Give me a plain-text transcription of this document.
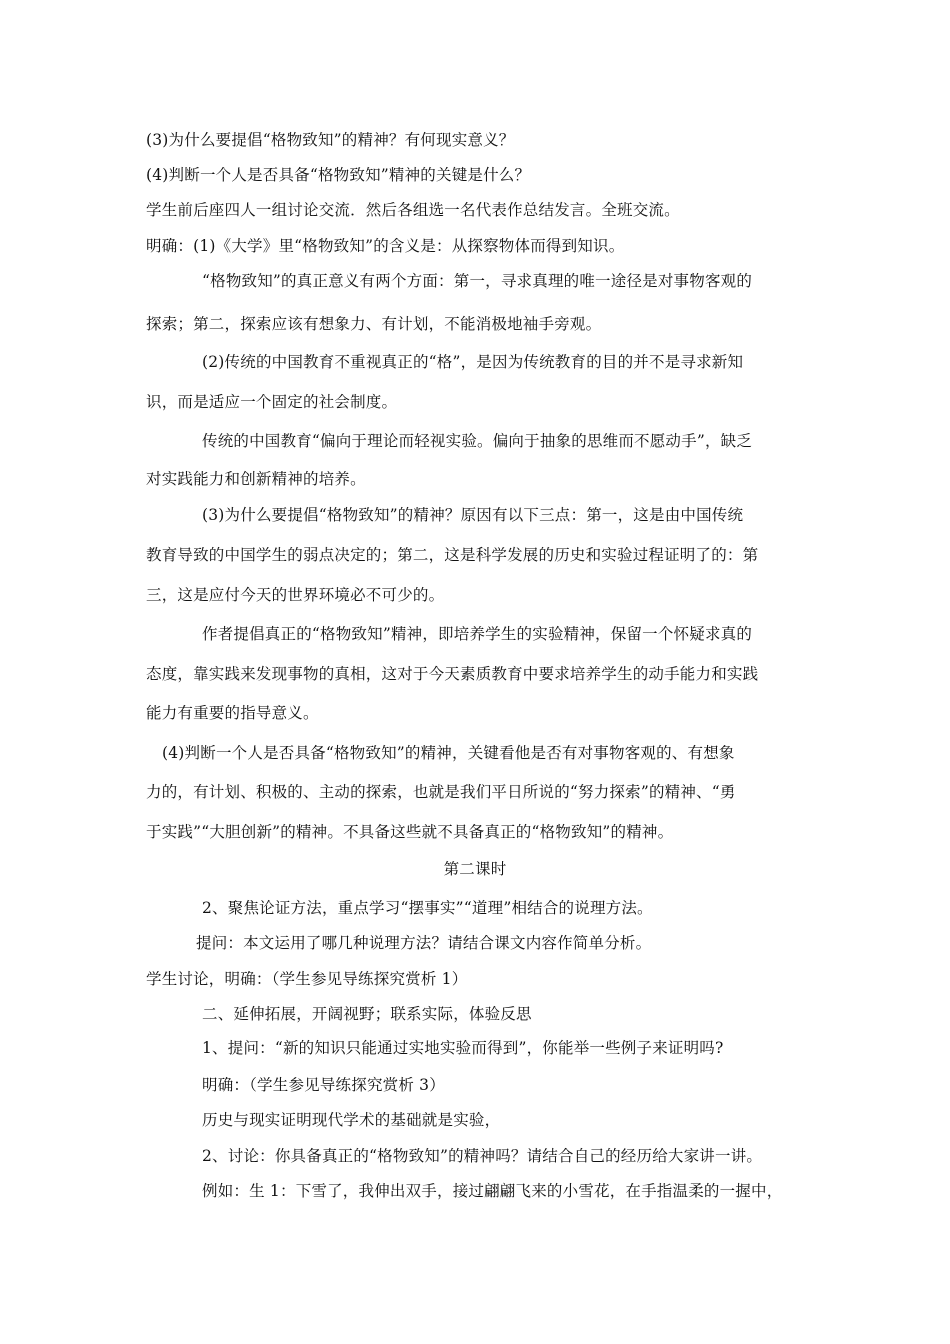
(3)为什么要提倡“格物致知”的精神？有何现实意义？
(4)判断一个人是否具备“格物致知”精神的关键是什么？
学生前后座四人一组讨论交流．然后各组选一名代表作总结发言。全班交流。
明确：(1)《大学》里“格物致知”的含义是：从探察物体而得到知识。
“格物致知”的真正意义有两个方面：第一，寻求真理的唯一途径是对事物客观的
探索；第二，探索应该有想象力、有计划，不能消极地袖手旁观。
(2)传统的中国教育不重视真正的“格”，是因为传统教育的目的并不是寻求新知
识，而是适应一个固定的社会制度。
传统的中国教育“偏向于理论而轻视实验。偏向于抽象的思维而不愿动手”，缺乏
对实践能力和创新精神的培养。
(3)为什么要提倡“格物致知”的精神？原因有以下三点：第一，这是由中国传统
教育导致的中国学生的弱点决定的；第二，这是科学发展的历史和实验过程证明了的：第
三，这是应付今天的世界环境必不可少的。
作者提倡真正的“格物致知”精神，即培养学生的实验精神，保留一个怀疑求真的
态度，靠实践来发现事物的真相，这对于今天素质教育中要求培养学生的动手能力和实践
能力有重要的指导意义。
(4)判断一个人是否具备“格物致知”的精神，关键看他是否有对事物客观的、有想象
力的，有计划、积极的、主动的探索，也就是我们平日所说的“努力探索”的精神、“勇
于实践”“大胆创新”的精神。不具备这些就不具备真正的“格物致知”的精神。
第二课时
2、聚焦论证方法，重点学习“摆事实”“道理”相结合的说理方法。
提问：本文运用了哪几种说理方法？请结合课文内容作简单分析。
学生讨论，明确：（学生参见导练探究赏析 1）
二、延伸拓展，开阔视野；联系实际，体验反思
1、提问：“新的知识只能通过实地实验而得到”，你能举一些例子来证明吗?
明确：（学生参见导练探究赏析 3）
历史与现实证明现代学术的基础就是实验，
2、讨论：你具备真正的“格物致知”的精神吗？请结合自己的经历给大家讲一讲。
例如：生 1：下雪了，我伸出双手，接过翩翩飞来的小雪花，在手指温柔的一握中，
